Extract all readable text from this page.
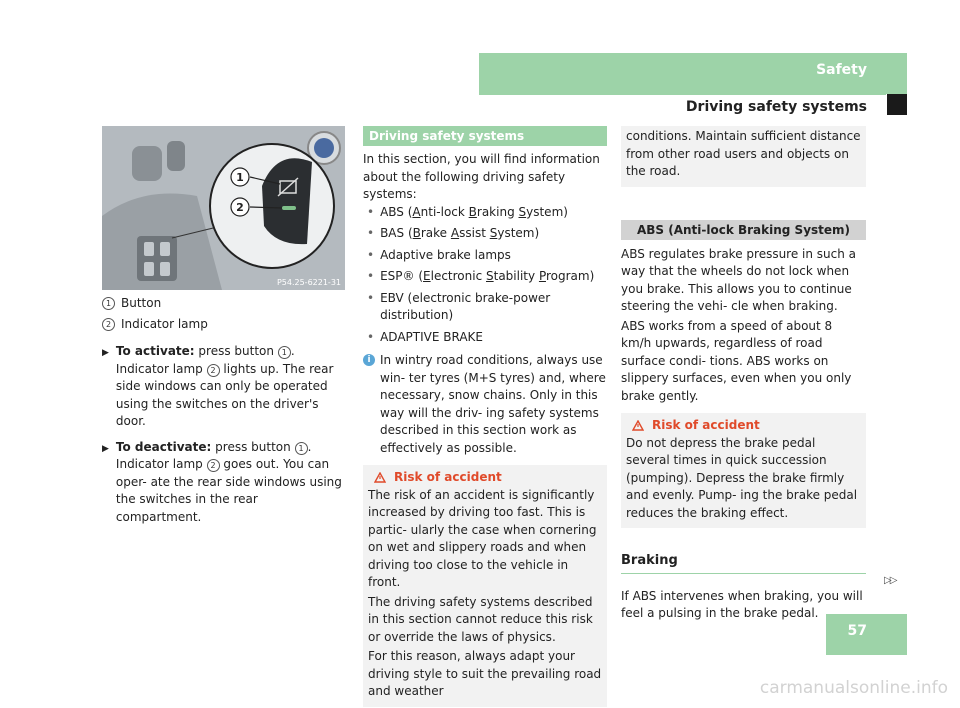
Safety
Driving safety systems
1
2
P54.25-6221-31

1 Button

2 Indicator lamp

▶ To activate: press button 1 .

Indicator lamp 2 lights up. The rear side windows can only be operated using the switches on the driver's door.

▶ To deactivate: press button 1 .

Indicator lamp 2 goes out. You can oper- ate the rear side windows using the switches in the rear compartment.

Driving safety systems

In this section, you will find information about the following driving safety systems:

• ABS (Anti-lock Braking System)

• BAS (Brake Assist System)

• Adaptive brake lamps

• ESP® (Electronic Stability Program)

• EBV (electronic brake-power distribution)

• ADAPTIVE BRAKE

i In wintry road conditions, always use win- ter tyres (M+S tyres) and, where necessary, snow chains. Only in this way will the driv- ing safety systems described in this section work as effectively as possible.

Risk of accident

The risk of an accident is significantly increased by driving too fast. This is partic- ularly the case when cornering on wet and slippery roads and when driving too close to the vehicle in front.

The driving safety systems described in this section cannot reduce this risk or override the laws of physics.

For this reason, always adapt your driving style to suit the prevailing road and weather

conditions. Maintain sufficient distance from other road users and objects on the road.

ABS (Anti-lock Braking System)

ABS regulates brake pressure in such a way that the wheels do not lock when you brake. This allows you to continue steering the vehi- cle when braking.

ABS works from a speed of about 8 km/h upwards, regardless of road surface condi- tions. ABS works on slippery surfaces, even when you only brake gently.

Risk of accident

Do not depress the brake pedal several times in quick succession (pumping). Depress the brake firmly and evenly. Pump- ing the brake pedal reduces the braking effect.

Braking

If ABS intervenes when braking, you will feel a pulsing in the brake pedal.

▷▷
57
carmanualsonline.info
